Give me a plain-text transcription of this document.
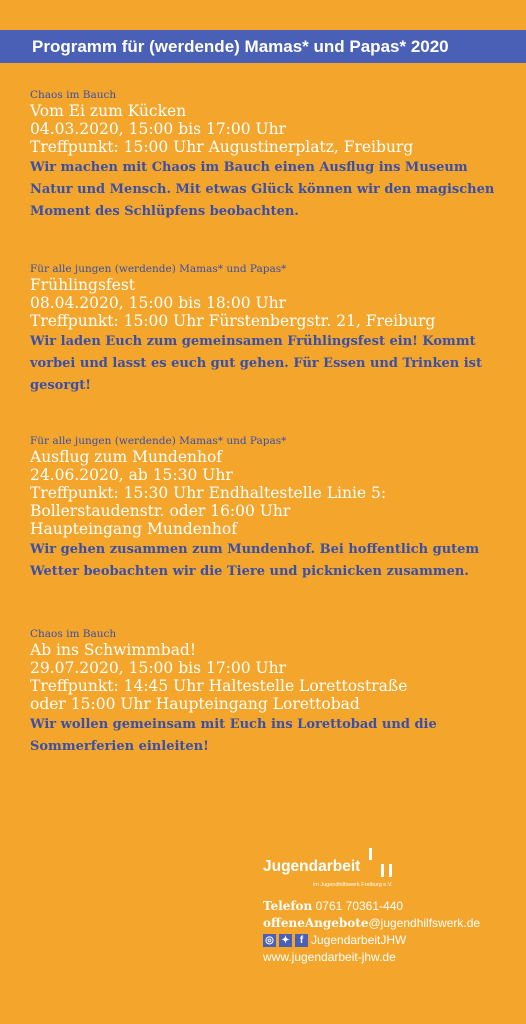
Programm für (werdende) Mamas* und Papas* 2020
Chaos im Bauch
Vom Ei zum Kücken
04.03.2020, 15:00 bis 17:00 Uhr
Treffpunkt: 15:00 Uhr Augustinerplatz, Freiburg
Wir machen mit Chaos im Bauch einen Ausflug ins Museum Natur und Mensch. Mit etwas Glück können wir den magischen Moment des Schlüpfens beobachten.
Für alle jungen (werdende) Mamas* und Papas*
Frühlingsfest
08.04.2020, 15:00 bis 18:00 Uhr
Treffpunkt: 15:00 Uhr Fürstenbergstr. 21, Freiburg
Wir laden Euch zum gemeinsamen Frühlingsfest ein! Kommt vorbei und lasst es euch gut gehen. Für Essen und Trinken ist gesorgt!
Für alle jungen (werdende) Mamas* und Papas*
Ausflug zum Mundenhof
24.06.2020, ab 15:30 Uhr
Treffpunkt: 15:30 Uhr Endhaltestelle Linie 5:
Bollerstaudenstr. oder 16:00 Uhr
Haupteingang Mundenhof
Wir gehen zusammen zum Mundenhof. Bei hoffentlich gutem Wetter beobachten wir die Tiere und picknicken zusammen.
Chaos im Bauch
Ab ins Schwimmbad!
29.07.2020, 15:00 bis 17:00 Uhr
Treffpunkt: 14:45 Uhr Haltestelle Lorettostraße
oder 15:00 Uhr Haupteingang Lorettobad
Wir wollen gemeinsam mit Euch ins Lorettobad und die Sommerferien einleiten!
Jugendarbeit
im Jugendhilfswerk Freiburg e.V.
Telefon 0761 70361-440
offeneAngebote@jugendhilfswerk.de
◎ ✦	f JugendarbeitJHW
www.jugendarbeit-jhw.de
